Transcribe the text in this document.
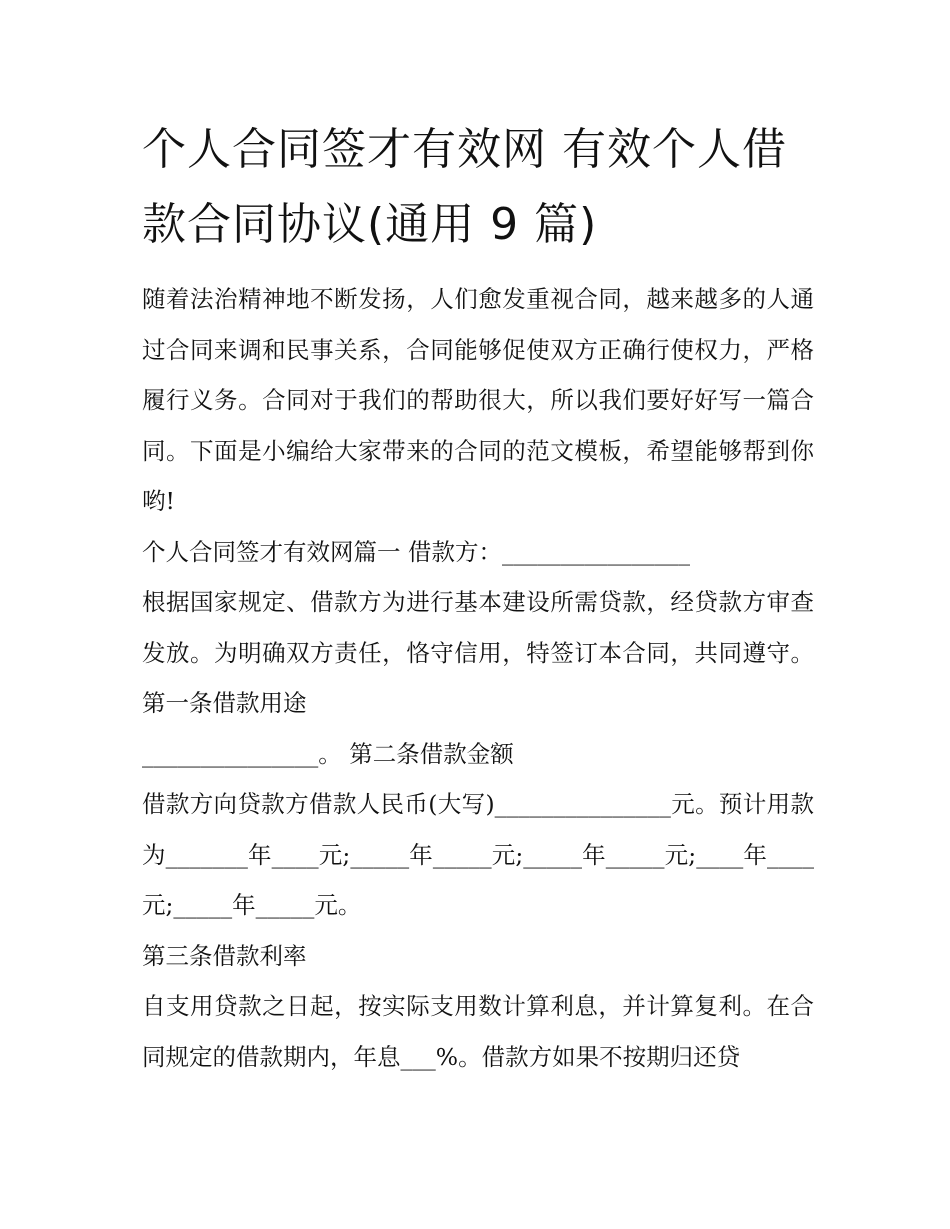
个人合同签才有效网 有效个人借款合同协议(通用 9 篇)

随着法治精神地不断发扬，人们愈发重视合同，越来越多的人通过合同来调和民事关系，合同能够促使双方正确行使权力，严格履行义务。合同对于我们的帮助很大，所以我们要好好写一篇合同。下面是小编给大家带来的合同的范文模板，希望能够帮到你哟!

个人合同签才有效网篇一 借款方：________________

根据国家规定、借款方为进行基本建设所需贷款，经贷款方审查发放。为明确双方责任，恪守信用，特签订本合同，共同遵守。 第一条借款用途

_______________。 第二条借款金额

借款方向贷款方借款人民币(大写)_______________元。预计用款为_______年____元;_____年_____元;_____年_____元;____年____元;_____年_____元。

第三条借款利率

自支用贷款之日起，按实际支用数计算利息，并计算复利。在合同规定的借款期内，年息___%。借款方如果不按期归还贷
